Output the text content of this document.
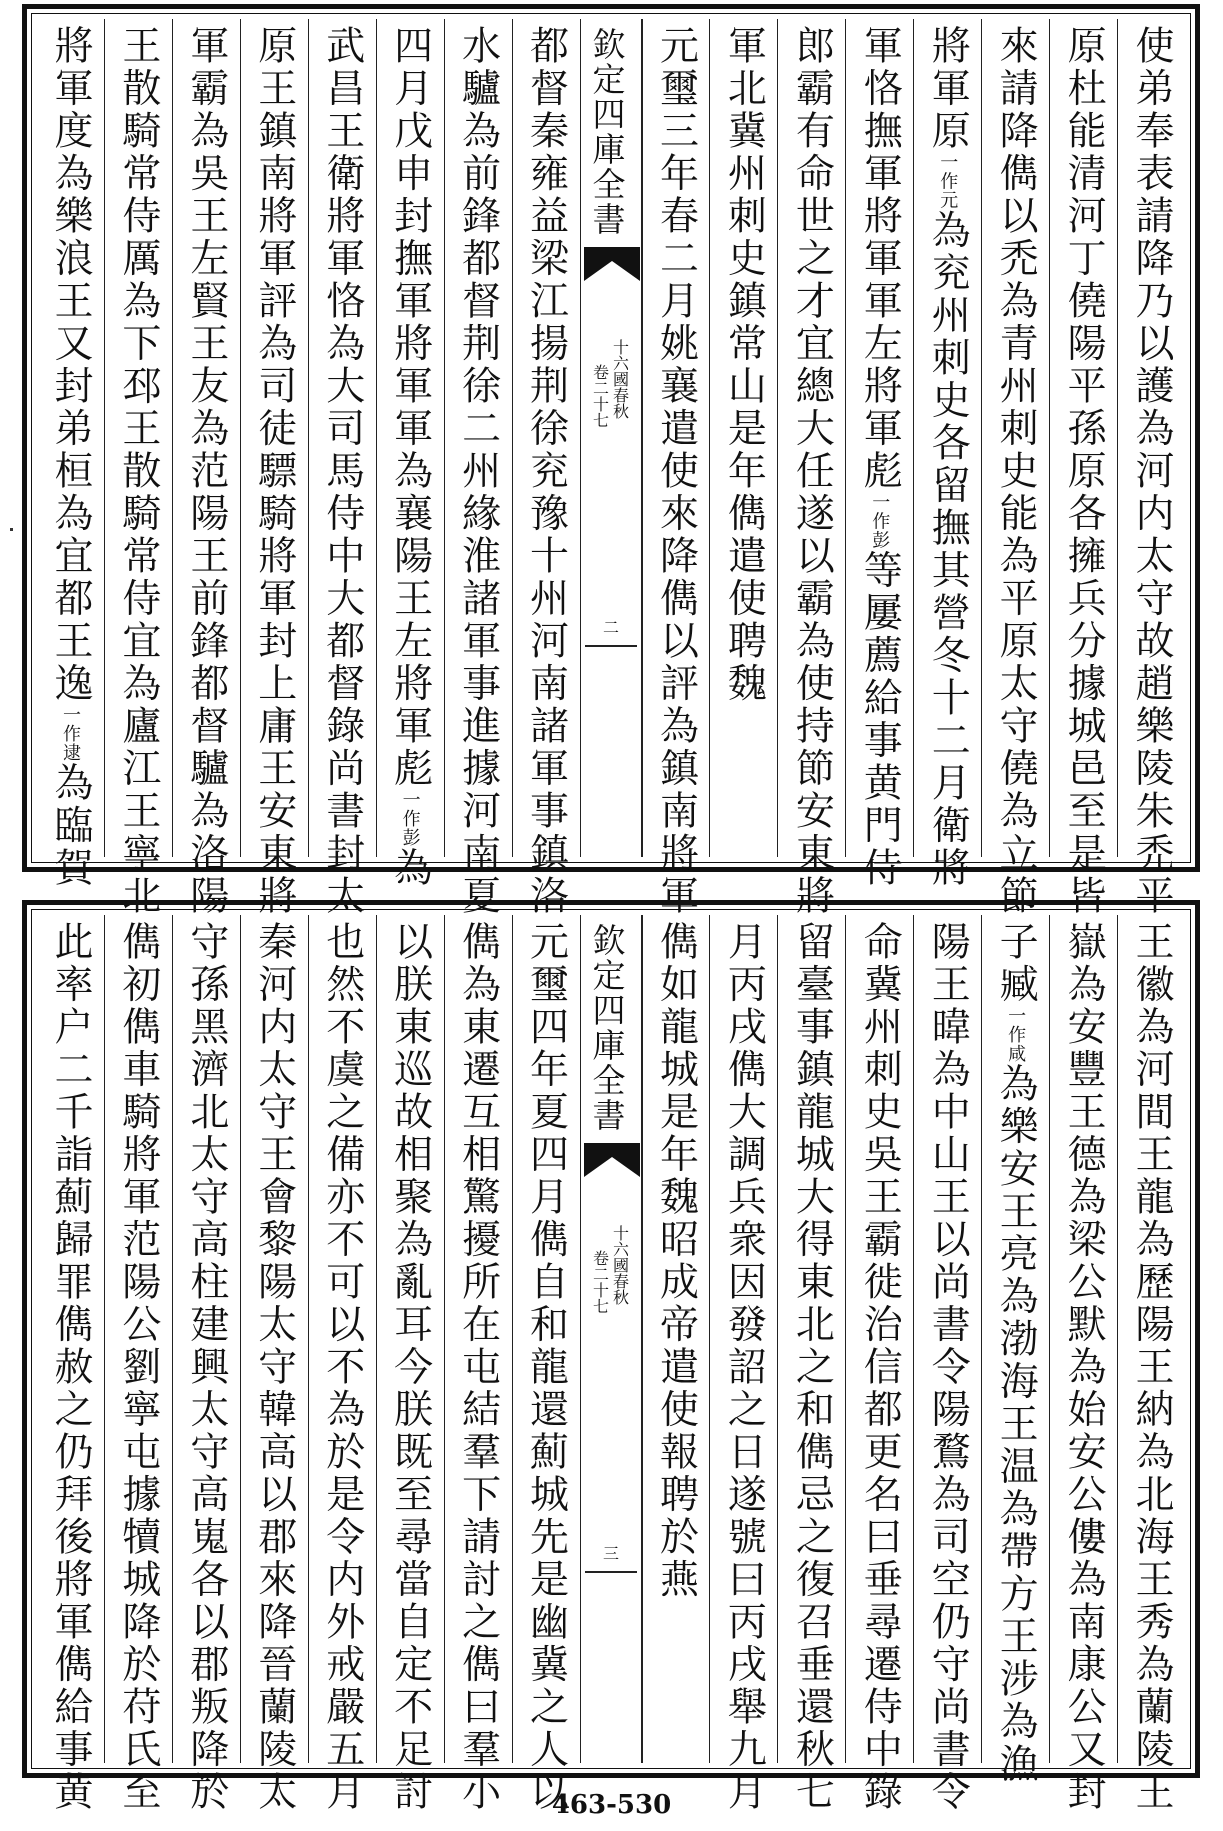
使弟奉表請降乃以護為河内太守故趙樂陵朱禿平
原杜能清河丁僥陽平孫原各擁兵分據城邑至是皆
來請降儁以禿為青州刺史能為平原太守僥為立節
將軍原一作元為兖州刺史各留撫其營冬十二月衛將
軍恪撫軍將軍軍左將軍彪一作彭等屢薦給事黄門侍
郎霸有命世之才宜總大任遂以霸為使持節安東將
軍北冀州刺史鎮常山是年儁遣使聘魏
元璽三年春二月姚襄遣使來降儁以評為鎮南將軍
欽定四庫全書
十六國春秋
卷二十七
二
都督秦雍益梁江揚荆徐兖豫十州河南諸軍事鎮洛
水驢為前鋒都督荆徐二州緣淮諸軍事進據河南夏
四月戊申封撫軍將軍軍為襄陽王左將軍彪一作彭為
武昌王衛將軍恪為大司馬侍中大都督錄尚書封太
原王鎮南將軍評為司徒驃騎將軍封上庸王安東將
軍霸為吳王左賢王友為范陽王前鋒都督驢為洛陽
王散騎常侍厲為下邳王散騎常侍宜為廬江王寧北
將軍度為樂浪王又封弟桓為宜都王逸一作逮為臨賀
王徽為河間王龍為歷陽王納為北海王秀為蘭陵王
嶽為安豐王德為梁公默為始安公僂為南康公又封
子臧一作咸為樂安王亮為渤海王温為帶方王涉為漁
陽王暐為中山王以尚書令陽鶩為司空仍守尚書令
命冀州刺史吳王霸徙治信都更名曰垂尋遷侍中錄
留臺事鎮龍城大得東北之和儁忌之復召垂還秋七
月丙戌儁大調兵衆因發詔之日遂號曰丙戌舉九月
儁如龍城是年魏昭成帝遣使報聘於燕
欽定四庫全書
十六國春秋
卷二十七
三
元璽四年夏四月儁自和龍還薊城先是幽冀之人以
儁為東遷互相驚擾所在屯結羣下請討之儁曰羣小
以朕東巡故相聚為亂耳今朕既至尋當自定不足討
也然不虞之備亦不可以不為於是令内外戒嚴五月
秦河内太守王會黎陽太守韓高以郡來降晉蘭陵太
守孫黑濟北太守高柱建興太守高嵬各以郡叛降於
儁初儁車騎將軍范陽公劉寧屯據犢城降於苻氏至
此率户二千詣薊歸罪儁赦之仍拜後將軍儁給事黄	463-530
